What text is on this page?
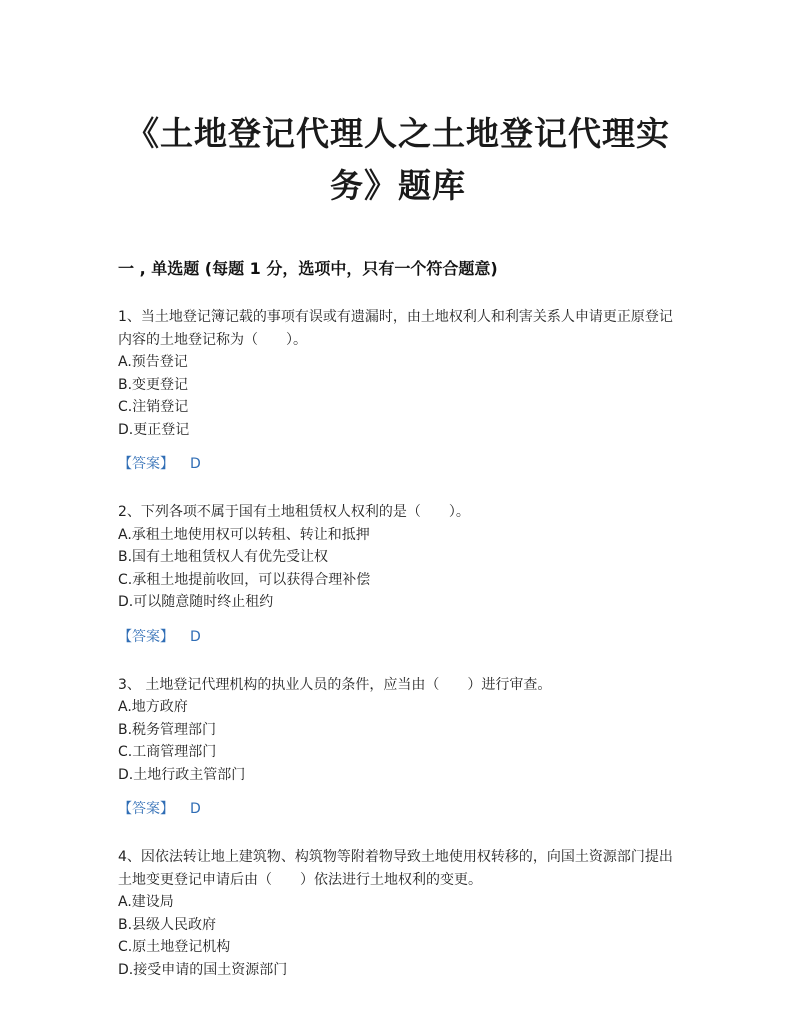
《土地登记代理人之土地登记代理实
务》题库
一 , 单选题 (每题 1 分，选项中，只有一个符合题意)

1、当土地登记簿记载的事项有误或有遗漏时，由土地权利人和利害关系人申请更正原登记内容的土地登记称为（　　）。

A.预告登记

B.变更登记

C.注销登记

D.更正登记

【答案】 D

2、下列各项不属于国有土地租赁权人权利的是（　　）。

A.承租土地使用权可以转租、转让和抵押

B.国有土地租赁权人有优先受让权

C.承租土地提前收回，可以获得合理补偿

D.可以随意随时终止租约

【答案】 D

3、 土地登记代理机构的执业人员的条件，应当由（　　）进行审查。

A.地方政府

B.税务管理部门

C.工商管理部门

D.土地行政主管部门

【答案】 D

4、因依法转让地上建筑物、构筑物等附着物导致土地使用权转移的，向国土资源部门提出土地变更登记申请后由（　　）依法进行土地权利的变更。

A.建设局

B.县级人民政府

C.原土地登记机构

D.接受申请的国土资源部门
